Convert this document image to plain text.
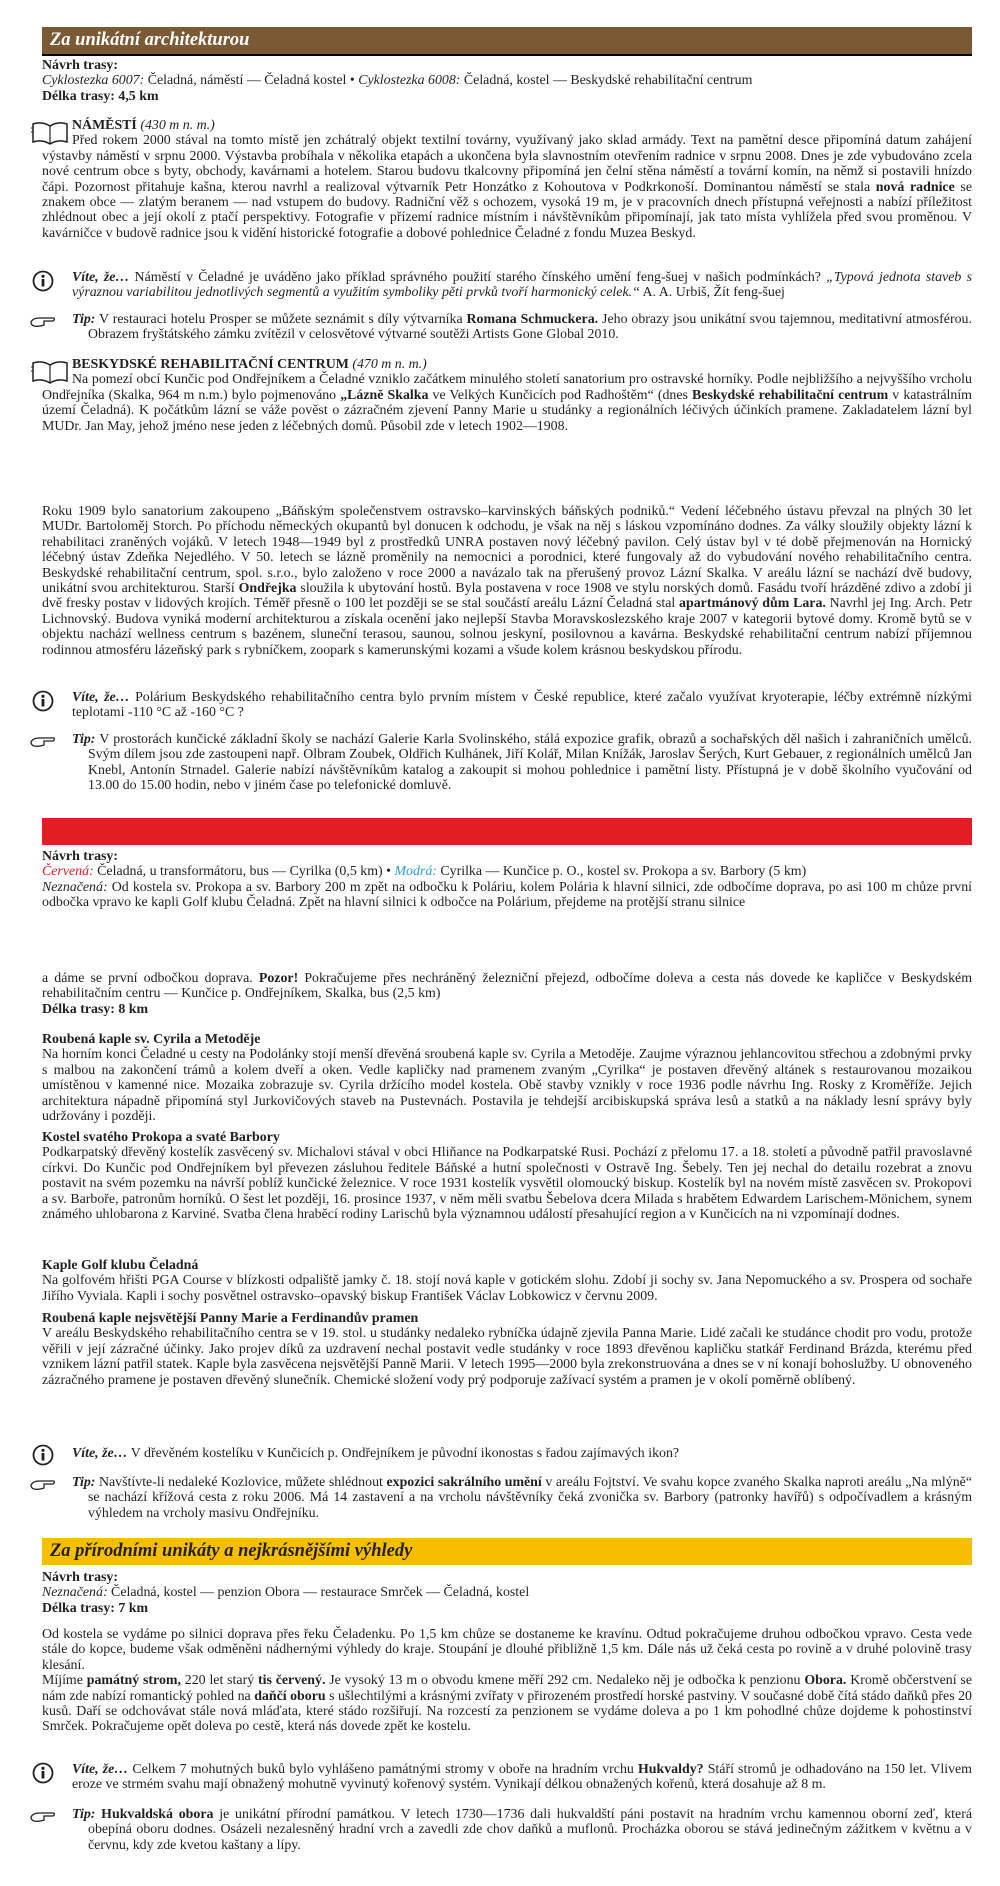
Za unikátní architekturou

Návrh trasy:

Cyklostezka 6007: Čeladná, náměstí — Čeladná kostel • Cyklostezka 6008: Čeladná, kostel — Beskydské rehabilitační centrum

Délka trasy: 4,5 km

NÁMĚSTÍ (430 m n. m.)

Před rokem 2000 stával na tomto místě jen zchátralý objekt textilní továrny, využívaný jako sklad armády. Text na pamětní desce připomíná datum zahájení výstavby náměstí v srpnu 2000. Výstavba probíhala v několika etapách a ukončena byla slavnostním otevřením radnice v srpnu 2008. Dnes je zde vybudováno zcela nové centrum obce s byty, obchody, kavárnami a hotelem. Starou budovu tkalcovny připomíná jen čelní stěna náměstí a tovární komín, na němž si postavili hnízdo čápi. Pozornost přitahuje kašna, kterou navrhl a realizoval výtvarník Petr Honzátko z Kohoutova v Podkrkonoší. Dominantou náměstí se stala nová radnice se znakem obce — zlatým beranem — nad vstupem do budovy. Radniční věž s ochozem, vysoká 19 m, je v pracovních dnech přístupná veřejnosti a nabízí příležitost zhlédnout obec a její okolí z ptačí perspektivy. Fotografie v přízemí radnice místním i návštěvníkům připomínají, jak tato místa vyhlížela před svou proměnou. V kavárničce v budově radnice jsou k vidění historické fotografie a dobové pohlednice Čeladné z fondu Muzea Beskyd.

Víte, že… Náměstí v Čeladné je uváděno jako příklad správného použití starého čínského umění feng-šuej v našich podmínkách? „Typová jednota staveb s výraznou variabilitou jednotlivých segmentů a využitím symboliky pěti prvků tvoří harmonický celek.“ A. A. Urbiš, Žít feng-šuej

Tip: V restauraci hotelu Prosper se můžete seznámit s díly výtvarníka Romana Schmuckera. Jeho obrazy jsou unikátní svou tajemnou, meditativní atmosférou. Obrazem fryštátského zámku zvítězil v celosvětové výtvarné soutěži Artists Gone Global 2010.

BESKYDSKÉ REHABILITAČNÍ CENTRUM (470 m n. m.)

Na pomezí obcí Kunčic pod Ondřejníkem a Čeladné vzniklo začátkem minulého století sanatorium pro ostravské horníky. Podle nejbližšího a nejvyššího vrcholu Ondřejníka (Skalka, 964 m n.m.) bylo pojmenováno „Lázně Skalka ve Velkých Kunčicích pod Radhoštěm“ (dnes Beskydské rehabilitační centrum v katastrálním území Čeladná). K počátkům lázní se váže pověst o zázračném zjevení Panny Marie u studánky a regionálních léčivých účinkích pramene. Zakladatelem lázní byl MUDr. Jan May, jehož jméno nese jeden z léčebných domů. Působil zde v letech 1902—1908.

Roku 1909 bylo sanatorium zakoupeno „Báňským společenstvem ostravsko–karvinských báňských podniků.“ Vedení léčebného ústavu převzal na plných 30 let MUDr. Bartoloměj Storch. Po příchodu německých okupantů byl donucen k odchodu, je však na něj s láskou vzpomínáno dodnes. Za války sloužily objekty lázní k rehabilitaci zraněných vojáků. V letech 1948—1949 byl z prostředků UNRA postaven nový léčebný pavilon. Celý ústav byl v té době přejmenován na Hornický léčebný ústav Zdeňka Nejedlého. V 50. letech se lázně proměnily na nemocnici a porodnici, které fungovaly až do vybudování nového rehabilitačního centra. Beskydské rehabilitační centrum, spol. s.r.o., bylo založeno v roce 2000 a navázalo tak na přerušený provoz Lázní Skalka. V areálu lázní se nachází dvě budovy, unikátní svou architekturou. Starší Ondřejka sloužila k ubytování hostů. Byla postavena v roce 1908 ve stylu norských domů. Fasádu tvoří hrázděné zdivo a zdobí ji dvě fresky postav v lidových krojích. Téměř přesně o 100 let později se se stal součástí areálu Lázní Čeladná stal apartmánový dům Lara. Navrhl jej Ing. Arch. Petr Lichnovský. Budova vyniká moderní architekturou a získala ocenění jako nejlepší Stavba Moravskoslezského kraje 2007 v kategorii bytové domy. Kromě bytů se v objektu nachází wellness centrum s bazénem, sluneční terasou, saunou, solnou jeskyní, posilovnou a kavárna. Beskydské rehabilitační centrum nabízí příjemnou rodinnou atmosféru lázeňský park s rybníčkem, zoopark s kamerunskými kozami a všude kolem krásnou beskydskou přírodu.

Víte, že… Polárium Beskydského rehabilitačního centra bylo prvním místem v České republice, které začalo využívat kryoterapie, léčby extrémně nízkými teplotami -110 °C až -160 °C ?

Tip: V prostorách kunčické základní školy se nachází Galerie Karla Svolinského, stálá expozice grafik, obrazů a sochařských děl našich i zahraničních umělců. Svým dílem jsou zde zastoupeni např. Olbram Zoubek, Oldřich Kulhánek, Jiří Kolář, Milan Knížák, Jaroslav Šerých, Kurt Gebauer, z regionálních umělců Jan Knebl, Antonín Strnadel. Galerie nabízí návštěvníkům katalog a zakoupit si mohou pohlednice i pamětní listy. Přístupná je v době školního vyučování od 13.00 do 15.00 hodin, nebo v jiném čase po telefonické domluvě.

Za unikátními sakrálními památkami

Návrh trasy:

Červená: Čeladná, u transformátoru, bus — Cyrilka (0,5 km) • Modrá: Cyrilka — Kunčice p. O., kostel sv. Prokopa a sv. Barbory (5 km)

Neznačená: Od kostela sv. Prokopa a sv. Barbory 200 m zpět na odbočku k Poláriu, kolem Polária k hlavní silnici, zde odbočíme doprava, po asi 100 m chůze první odbočka vpravo ke kapli Golf klubu Čeladná. Zpět na hlavní silnici k odbočce na Polárium, přejdeme na protější stranu silnice

a dáme se první odbočkou doprava. Pozor! Pokračujeme přes nechráněný železniční přejezd, odbočíme doleva a cesta nás dovede ke kapličce v Beskydském rehabilitačním centru — Kunčice p. Ondřejníkem, Skalka, bus (2,5 km)

Délka trasy: 8 km

Roubená kaple sv. Cyrila a Metoděje

Na horním konci Čeladné u cesty na Podolánky stojí menší dřevěná sroubená kaple sv. Cyrila a Metoděje. Zaujme výraznou jehlancovitou střechou a zdobnými prvky s malbou na zakončení trámů a kolem dveří a oken. Vedle kapličky nad pramenem zvaným „Cyrilka“ je postaven dřevěný altánek s restaurovanou mozaikou umístěnou v kamenné nice. Mozaika zobrazuje sv. Cyrila držícího model kostela. Obě stavby vznikly v roce 1936 podle návrhu Ing. Rosky z Kroměříže. Jejich architektura nápadně připomíná styl Jurkovičových staveb na Pustevnách. Postavila je tehdejší arcibiskupská správa lesů a statků a na náklady lesní správy byly udržovány i později.

Kostel svatého Prokopa a svaté Barbory

Podkarpatský dřevěný kostelík zasvěcený sv. Michalovi stával v obci Hliňance na Podkarpatské Rusi. Pochází z přelomu 17. a 18. století a původně patřil pravoslavné církvi. Do Kunčic pod Ondřejníkem byl převezen zásluhou ředitele Báňské a hutní společnosti v Ostravě Ing. Šebely. Ten jej nechal do detailu rozebrat a znovu postavit na svém pozemku na návrší poblíž kunčické železnice. V roce 1931 kostelík vysvětil olomoucký biskup. Kostelík byl na novém místě zasvěcen sv. Prokopovi a sv. Barboře, patronům horníků. O šest let později, 16. prosince 1937, v něm měli svatbu Šebelova dcera Milada s hrabětem Edwardem Larischem-Mönichem, synem známého uhlobarona z Karviné. Svatba člena hraběcí rodiny Larischů byla významnou událostí přesahující region a v Kunčicích na ni vzpomínají dodnes.

Kaple Golf klubu Čeladná

Na golfovém hřišti PGA Course v blízkosti odpaliště jamky č. 18. stojí nová kaple v gotickém slohu. Zdobí ji sochy sv. Jana Nepomuckého a sv. Prospera od sochaře Jiřího Vyviala. Kapli i sochy posvětnel ostravsko–opavský biskup František Václav Lobkowicz v červnu 2009.

Roubená kaple nejsvětější Panny Marie a Ferdinandův pramen

V areálu Beskydského rehabilitačního centra se v 19. stol. u studánky nedaleko rybníčka údajně zjevila Panna Marie. Lidé začali ke studánce chodit pro vodu, protože věřili v její zázračné účinky. Jako projev díků za uzdravení nechal postavit vedle studánky v roce 1893 dřevěnou kapličku statkář Ferdinand Brázda, kterému před vznikem lázní patřil statek. Kaple byla zasvěcena nejsvětější Panně Marii. V letech 1995—2000 byla zrekonstruována a dnes se v ní konají bohoslužby. U obnoveného zázračného pramene je postaven dřevěný slunečník. Chemické složení vody prý podporuje zažívací systém a pramen je v okolí poměrně oblíbený.

Víte, že… V dřevěném kostelíku v Kunčicích p. Ondřejníkem je původní ikonostas s řadou zajímavých ikon?

Tip: Navštívte-li nedaleké Kozlovice, můžete shlédnout expozici sakrálního umění v areálu Fojtství. Ve svahu kopce zvaného Skalka naproti areálu „Na mlýně“ se nachází křížová cesta z roku 2006. Má 14 zastavení a na vrcholu návštěvníky čeká zvonička sv. Barbory (patronky havířů) s odpočívadlem a krásným výhledem na vrcholy masivu Ondřejníku.

Za přírodními unikáty a nejkrásnějšími výhledy

Návrh trasy:

Neznačená: Čeladná, kostel — penzion Obora — restaurace Smrček — Čeladná, kostel

Délka trasy: 7 km

Od kostela se vydáme po silnici doprava přes řeku Čeladenku. Po 1,5 km chůze se dostaneme ke kravínu. Odtud pokračujeme druhou odbočkou vpravo. Cesta vede stále do kopce, budeme však odměněni nádhernými výhledy do kraje. Stoupání je dlouhé přibližně 1,5 km. Dále nás už čeká cesta po rovině a v druhé polovině trasy klesání.

Míjíme památný strom, 220 let starý tis červený. Je vysoký 13 m o obvodu kmene měří 292 cm. Nedaleko něj je odbočka k penzionu Obora. Kromě občerstvení se nám zde nabízí romantický pohled na daňčí oboru s ušlechtilými a krásnými zvířaty v přirozeném prostředí horské pastviny. V současné době čítá stádo daňků přes 20 kusů. Daří se odchovávat stále nová mláďata, které stádo rozšiřují. Na rozcestí za penzionem se vydáme doleva a po 1 km pohodlné chůze dojdeme k pohostinství Smrček. Pokračujeme opět doleva po cestě, která nás dovede zpět ke kostelu.

Víte, že… Celkem 7 mohutných buků bylo vyhlášeno památnými stromy v oboře na hradním vrchu Hukvaldy? Stáří stromů je odhadováno na 150 let. Vlivem eroze ve strmém svahu mají obnažený mohutně vyvinutý kořenový systém. Vynikají délkou obnažených kořenů, která dosahuje až 8 m.

Tip: Hukvaldská obora je unikátní přírodní památkou. V letech 1730—1736 dali hukvaldští páni postavit na hradním vrchu kamennou oborní zeď, která obepíná oboru dodnes. Osázeli nezalesněný hradní vrch a zavedli zde chov daňků a muflonů. Procházka oborou se stává jedinečným zážitkem v květnu a v červnu, kdy zde kvetou kaštany a lípy.
